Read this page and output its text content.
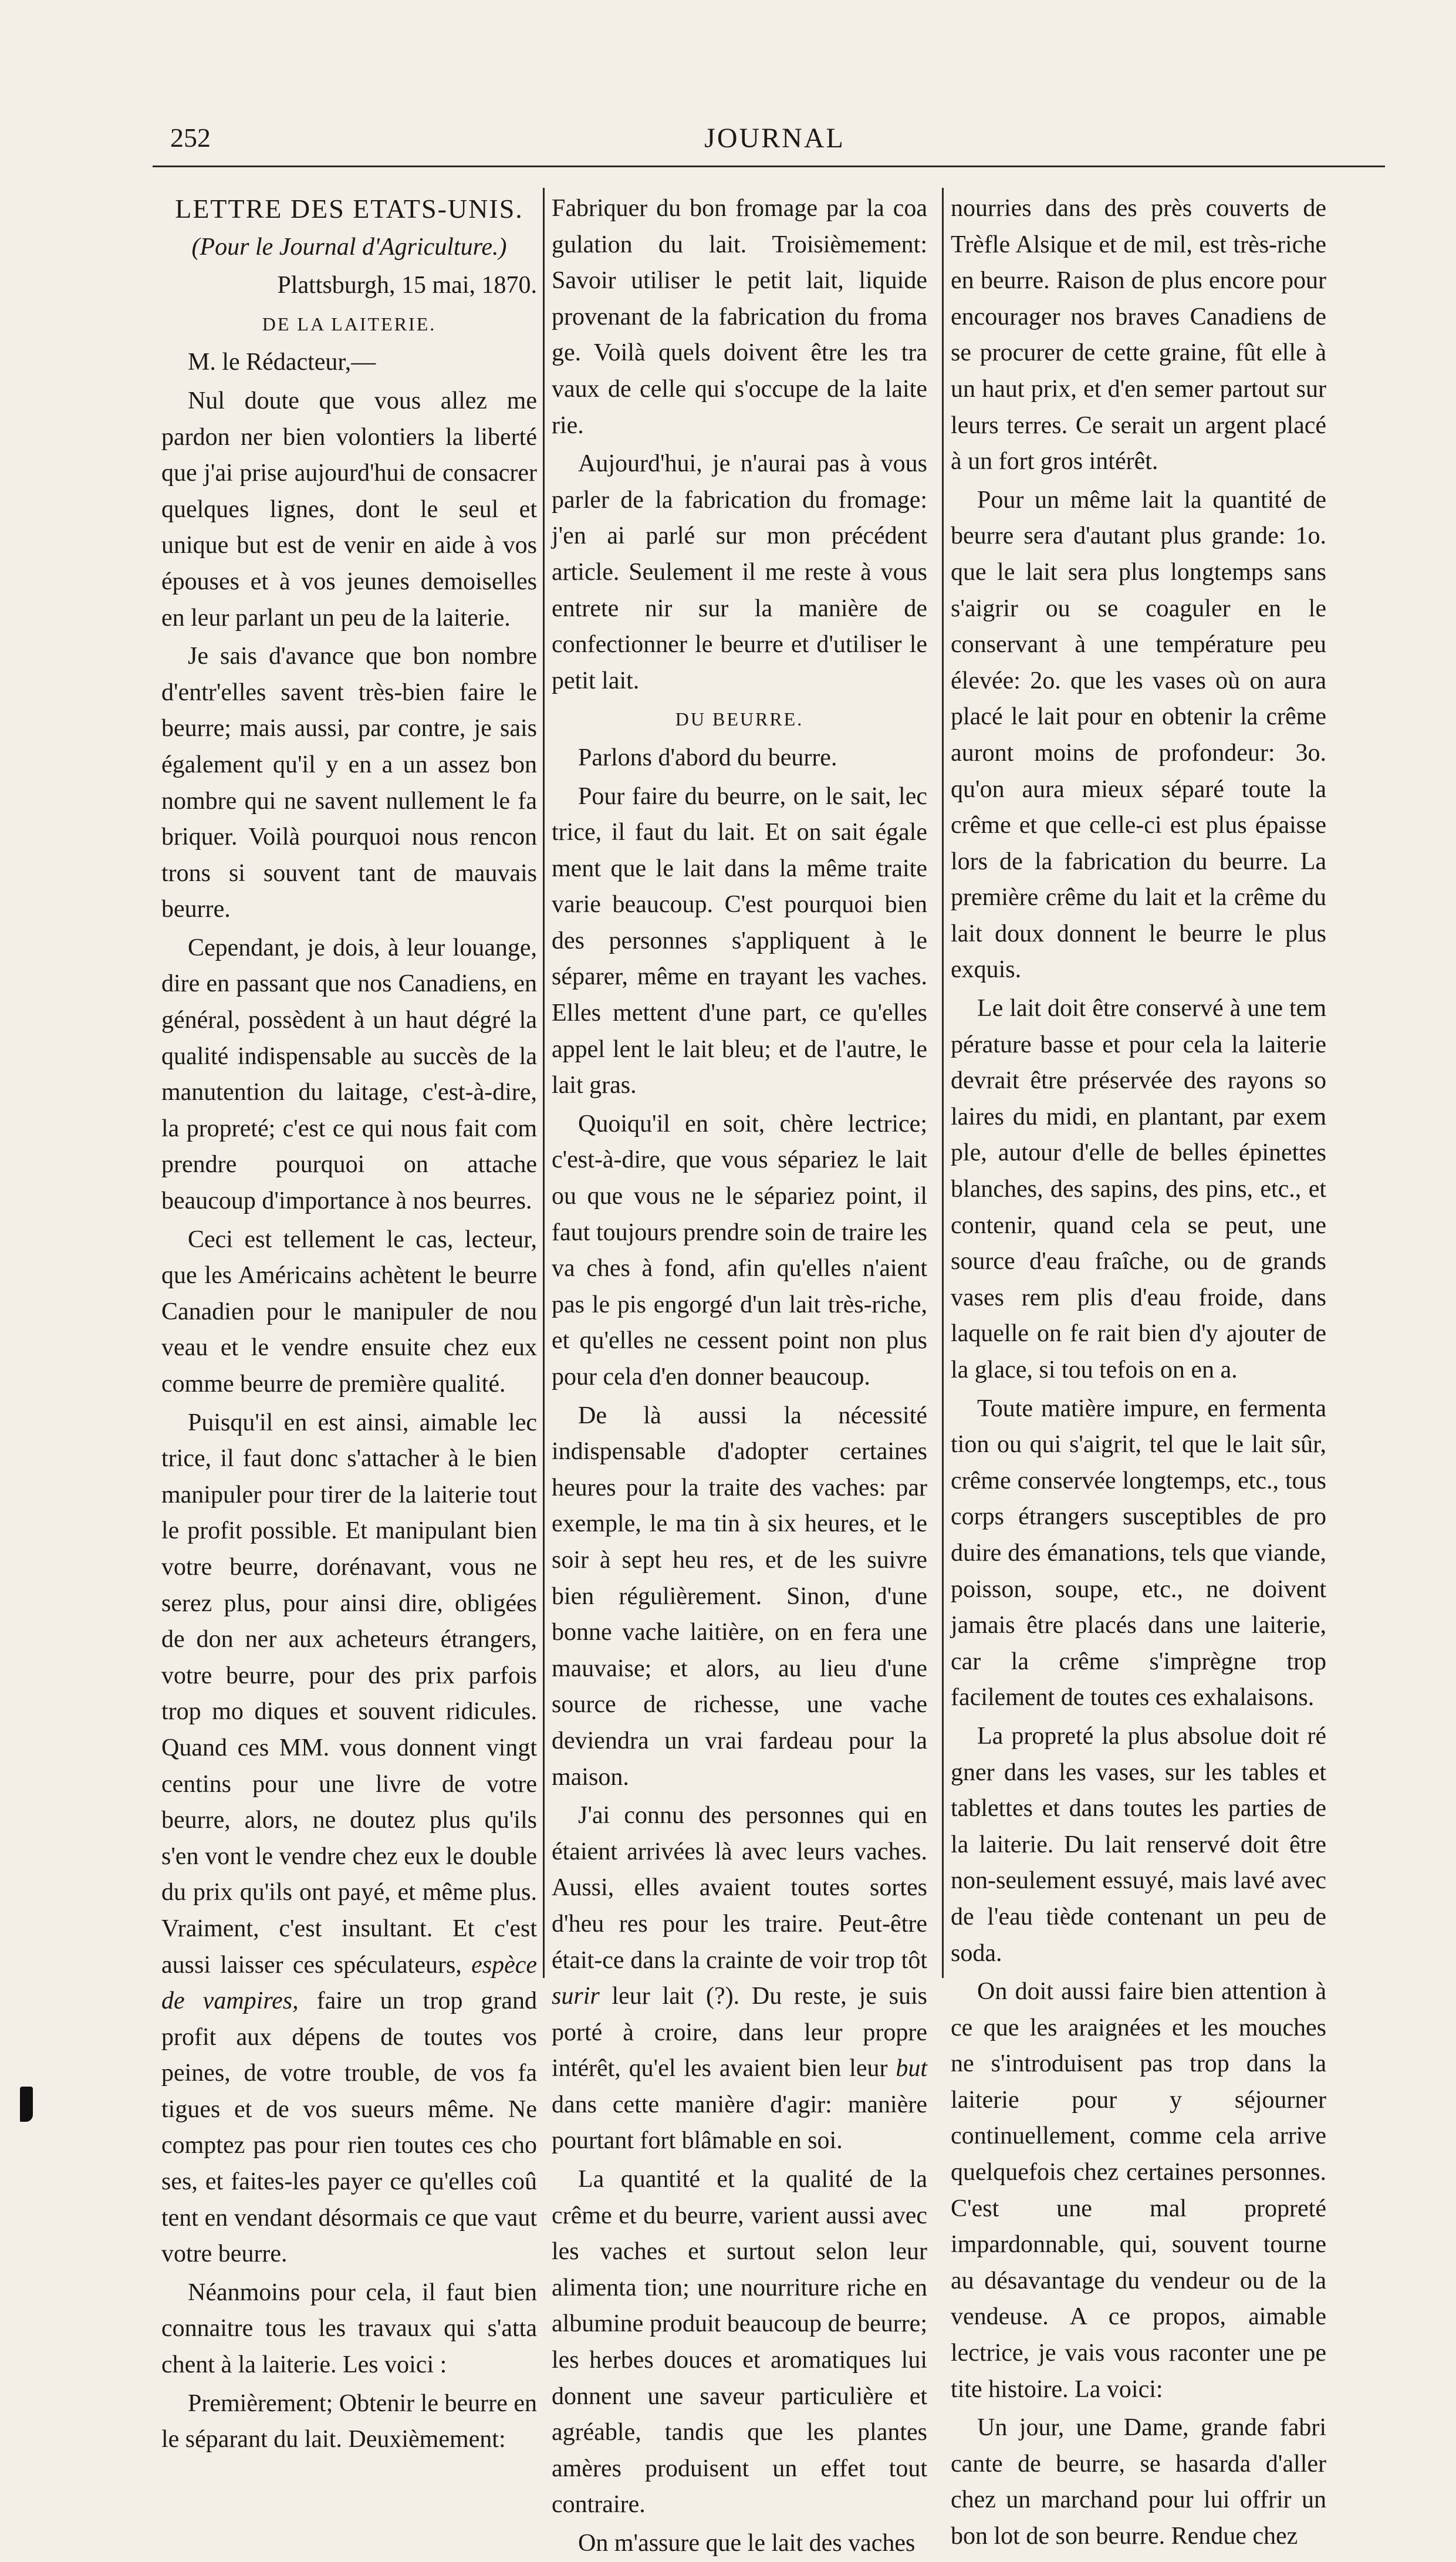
252	JOURNAL

LETTRE DES ETATS-UNIS.

(Pour le Journal d'Agriculture.)

Plattsburgh, 15 mai, 1870.

DE LA LAITERIE.

M. le Rédacteur,—

Nul doute que vous allez me pardon ner bien volontiers la liberté que j'ai prise aujourd'hui de consacrer quelques lignes, dont le seul et unique but est de venir en aide à vos épouses et à vos jeunes demoiselles en leur parlant un peu de la laiterie.

Je sais d'avance que bon nombre d'entr'elles savent très-bien faire le beurre; mais aussi, par contre, je sais également qu'il y en a un assez bon nombre qui ne savent nullement le fa briquer. Voilà pourquoi nous rencon trons si souvent tant de mauvais beurre.

Cependant, je dois, à leur louange, dire en passant que nos Canadiens, en général, possèdent à un haut dégré la qualité indispensable au succès de la manutention du laitage, c'est-à-dire, la propreté; c'est ce qui nous fait com prendre pourquoi on attache beaucoup d'importance à nos beurres.

Ceci est tellement le cas, lecteur, que les Américains achètent le beurre Canadien pour le manipuler de nou veau et le vendre ensuite chez eux comme beurre de première qualité.

Puisqu'il en est ainsi, aimable lec trice, il faut donc s'attacher à le bien manipuler pour tirer de la laiterie tout le profit possible. Et manipulant bien votre beurre, dorénavant, vous ne serez plus, pour ainsi dire, obligées de don ner aux acheteurs étrangers, votre beurre, pour des prix parfois trop mo diques et souvent ridicules. Quand ces MM. vous donnent vingt centins pour une livre de votre beurre, alors, ne doutez plus qu'ils s'en vont le vendre chez eux le double du prix qu'ils ont payé, et même plus. Vraiment, c'est insultant. Et c'est aussi laisser ces spéculateurs, espèce de vampires, faire un trop grand profit aux dépens de toutes vos peines, de votre trouble, de vos fa tigues et de vos sueurs même. Ne comptez pas pour rien toutes ces cho ses, et faites-les payer ce qu'elles coû tent en vendant désormais ce que vaut votre beurre.

Néanmoins pour cela, il faut bien connaitre tous les travaux qui s'atta chent à la laiterie. Les voici :

Premièrement; Obtenir le beurre en le séparant du lait. Deuxièmement:

Fabriquer du bon fromage par la coa gulation du lait. Troisièmement: Savoir utiliser le petit lait, liquide provenant de la fabrication du froma ge. Voilà quels doivent être les tra vaux de celle qui s'occupe de la laite rie.

Aujourd'hui, je n'aurai pas à vous parler de la fabrication du fromage: j'en ai parlé sur mon précédent article. Seulement il me reste à vous entrete nir sur la manière de confectionner le beurre et d'utiliser le petit lait.

DU BEURRE.

Parlons d'abord du beurre.

Pour faire du beurre, on le sait, lec trice, il faut du lait. Et on sait égale ment que le lait dans la même traite varie beaucoup. C'est pourquoi bien des personnes s'appliquent à le séparer, même en trayant les vaches. Elles mettent d'une part, ce qu'elles appel lent le lait bleu; et de l'autre, le lait gras.

Quoiqu'il en soit, chère lectrice; c'est-à-dire, que vous sépariez le lait ou que vous ne le sépariez point, il faut toujours prendre soin de traire les va ches à fond, afin qu'elles n'aient pas le pis engorgé d'un lait très-riche, et qu'elles ne cessent point non plus pour cela d'en donner beaucoup.

De là aussi la nécessité indispensable d'adopter certaines heures pour la traite des vaches: par exemple, le ma tin à six heures, et le soir à sept heu res, et de les suivre bien régulièrement. Sinon, d'une bonne vache laitière, on en fera une mauvaise; et alors, au lieu d'une source de richesse, une vache deviendra un vrai fardeau pour la maison.

J'ai connu des personnes qui en étaient arrivées là avec leurs vaches. Aussi, elles avaient toutes sortes d'heu res pour les traire. Peut-être était-ce dans la crainte de voir trop tôt surir leur lait (?). Du reste, je suis porté à croire, dans leur propre intérêt, qu'el les avaient bien leur but dans cette manière d'agir: manière pourtant fort blâmable en soi.

La quantité et la qualité de la crême et du beurre, varient aussi avec les vaches et surtout selon leur alimenta tion; une nourriture riche en albumine produit beaucoup de beurre; les herbes douces et aromatiques lui donnent une saveur particulière et agréable, tandis que les plantes amères produisent un effet tout contraire.

On m'assure que le lait des vaches

nourries dans des près couverts de Trèfle Alsique et de mil, est très-riche en beurre. Raison de plus encore pour encourager nos braves Canadiens de se procurer de cette graine, fût elle à un haut prix, et d'en semer partout sur leurs terres. Ce serait un argent placé à un fort gros intérêt.

Pour un même lait la quantité de beurre sera d'autant plus grande: 1o. que le lait sera plus longtemps sans s'aigrir ou se coaguler en le conservant à une température peu élevée: 2o. que les vases où on aura placé le lait pour en obtenir la crême auront moins de profondeur: 3o. qu'on aura mieux séparé toute la crême et que celle-ci est plus épaisse lors de la fabrication du beurre. La première crême du lait et la crême du lait doux donnent le beurre le plus exquis.

Le lait doit être conservé à une tem pérature basse et pour cela la laiterie devrait être préservée des rayons so laires du midi, en plantant, par exem ple, autour d'elle de belles épinettes blanches, des sapins, des pins, etc., et contenir, quand cela se peut, une source d'eau fraîche, ou de grands vases rem plis d'eau froide, dans laquelle on fe rait bien d'y ajouter de la glace, si tou tefois on en a.

Toute matière impure, en fermenta tion ou qui s'aigrit, tel que le lait sûr, crême conservée longtemps, etc., tous corps étrangers susceptibles de pro duire des émanations, tels que viande, poisson, soupe, etc., ne doivent jamais être placés dans une laiterie, car la crême s'imprègne trop facilement de toutes ces exhalaisons.

La propreté la plus absolue doit ré gner dans les vases, sur les tables et tablettes et dans toutes les parties de la laiterie. Du lait renservé doit être non-seulement essuyé, mais lavé avec de l'eau tiède contenant un peu de soda.

On doit aussi faire bien attention à ce que les araignées et les mouches ne s'introduisent pas trop dans la laiterie pour y séjourner continuellement, comme cela arrive quelquefois chez certaines personnes. C'est une mal propreté impardonnable, qui, souvent tourne au désavantage du vendeur ou de la vendeuse. A ce propos, aimable lectrice, je vais vous raconter une pe tite histoire. La voici:

Un jour, une Dame, grande fabri cante de beurre, se hasarda d'aller chez un marchand pour lui offrir un bon lot de son beurre. Rendue chez
